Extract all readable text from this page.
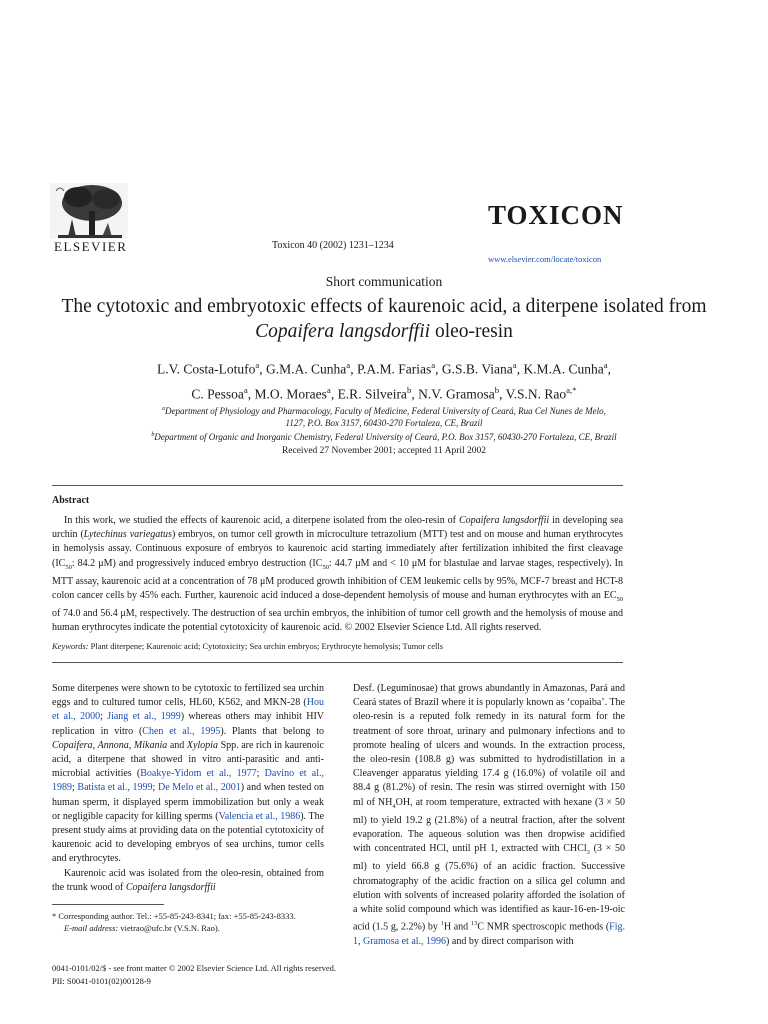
ELSEVIER	Toxicon 40 (2002) 1231–1234
TOXICON
www.elsevier.com/locate/toxicon
Short communication
The cytotoxic and embryotoxic effects of kaurenoic acid, a diterpene isolated from Copaifera langsdorffii oleo-resin
L.V. Costa-Lotufo$^a$, G.M.A. Cunha$^a$, P.A.M. Farias$^a$, G.S.B. Viana$^a$, K.M.A. Cunha$^a$,
C. Pessoa$^a$, M.O. Moraes$^a$, E.R. Silveira$^b$, N.V. Gramosa$^b$, V.S.N. Rao$^{a,*}$
$^a$Department of Physiology and Pharmacology, Faculty of Medicine, Federal University of Ceará, Rua Cel Nunes de Melo,
1127, P.O. Box 3157, 60430-270 Fortaleza, CE, Brazil
$^b$Department of Organic and Inorganic Chemistry, Federal University of Ceará, P.O. Box 3157, 60430-270 Fortaleza, CE, Brazil
Received 27 November 2001; accepted 11 April 2002
Abstract
In this work, we studied the effects of kaurenoic acid, a diterpene isolated from the oleo-resin of Copaifera langsdorffii in developing sea urchin (Lytechinus variegatus) embryos, on tumor cell growth in microculture tetrazolium (MTT) test and on mouse and human erythrocytes in hemolysis assay. Continuous exposure of embryos to kaurenoic acid starting immediately after fertilization inhibited the first cleavage ($IC_{50}$: 84.2 μM) and progressively induced embryo destruction ($IC_{50}$: 44.7 μM and < 10 μM for blastulae and larvae stages, respectively). In MTT assay, kaurenoic acid at a concentration of 78 μM produced growth inhibition of CEM leukemic cells by 95%, MCF-7 breast and HCT-8 colon cancer cells by 45% each. Further, kaurenoic acid induced a dose-dependent hemolysis of mouse and human erythrocytes with an $EC_{50}$ of 74.0 and 56.4 μM, respectively. The destruction of sea urchin embryos, the inhibition of tumor cell growth and the hemolysis of mouse and human erythrocytes indicate the potential cytotoxicity of kaurenoic acid. © 2002 Elsevier Science Ltd. All rights reserved.
Keywords: Plant diterpene; Kaurenoic acid; Cytotoxicity; Sea urchin embryos; Erythrocyte hemolysis; Tumor cells

Some diterpenes were shown to be cytotoxic to fertilized sea urchin eggs and to cultured tumor cells, HL60, K562, and MKN-28 (Hou et al., 2000; Jiang et al., 1999) whereas others may inhibit HIV replication in vitro (Chen et al., 1995). Plants that belong to Copaifera, Annona, Mikania and Xylopia Spp. are rich in kaurenoic acid, a diterpene that showed in vitro anti-parasitic and anti-microbial activities (Boakye-Yidom et al., 1977; Davino et al., 1989; Batista et al., 1999; De Melo et al., 2001) and when tested on human sperm, it displayed sperm immobilization but only a weak or negligible capacity for killing sperms (Valencia et al., 1986). The present study aims at providing data on the potential cytotoxicity of kaurenoic acid to developing embryos of sea urchins, tumor cells and erythrocytes.

Kaurenoic acid was isolated from the oleo-resin, obtained from the trunk wood of Copaifera langsdorffii

Desf. (Leguminosae) that grows abundantly in Amazonas, Pará and Ceará states of Brazil where it is popularly known as ‘copaiba’. The oleo-resin is a reputed folk remedy in its natural form for the treatment of sore throat, urinary and pulmonary infections and to promote healing of ulcers and wounds. In the extraction process, the oleo-resin (108.8 g) was submitted to hydrodistillation in a Cleavenger apparatus yielding 17.4 g (16.0%) of volatile oil and 88.4 g (81.2%) of resin. The resin was stirred overnight with 150 ml of $NH_4OH$, at room temperature, extracted with hexane (3 × 50 ml) to yield 19.2 g (21.8%) of a neutral fraction, after the solvent evaporation. The aqueous solution was then dropwise acidified with concentrated HCl, until pH 1, extracted with CHCl$_3$ (3 × 50 ml) to yield 66.8 g (75.6%) of an acidic fraction. Successive chromatography of the acidic fraction on a silica gel column and elution with solvents of increased polarity afforded the isolation of a white solid compound which was identified as kaur-16-en-19-oic acid (1.5 g, 2.2%) by $^1$H and $^{13}$C NMR spectroscopic methods (Fig. 1, Gramosa et al., 1996) and by direct comparison with

* Corresponding author. Tel.: +55-85-243-8341; fax: +55-85-243-8333.
E-mail address: vietrao@ufc.br (V.S.N. Rao).
0041-0101/02/$ - see front matter © 2002 Elsevier Science Ltd. All rights reserved.
PII: S0041-0101(02)00128-9
